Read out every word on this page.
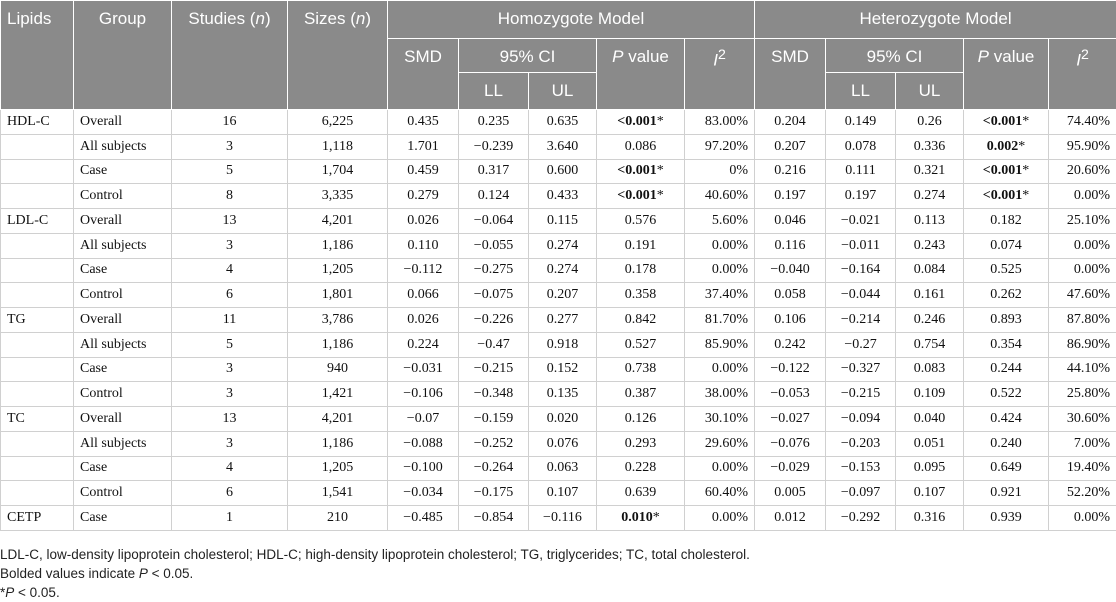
Lipids	Group	Studies (n)	Sizes (n)	Homozygote Model					Heterozygote Model				
				SMD	95% CI		P value	$I^2$	SMD	95% CI		P value	$I^2$
					LL	UL				LL	UL		
HDL-C	Overall	16	6,225	0.435	0.235	0.635	<0.001*	83.00%	0.204	0.149	0.26	<0.001*	74.40%
	All subjects	3	1,118	1.701	−0.239	3.640	0.086	97.20%	0.207	0.078	0.336	0.002*	95.90%
	Case	5	1,704	0.459	0.317	0.600	<0.001*	0%	0.216	0.111	0.321	<0.001*	20.60%
	Control	8	3,335	0.279	0.124	0.433	<0.001*	40.60%	0.197	0.197	0.274	<0.001*	0.00%
LDL-C	Overall	13	4,201	0.026	−0.064	0.115	0.576	5.60%	0.046	−0.021	0.113	0.182	25.10%
	All subjects	3	1,186	0.110	−0.055	0.274	0.191	0.00%	0.116	−0.011	0.243	0.074	0.00%
	Case	4	1,205	−0.112	−0.275	0.274	0.178	0.00%	−0.040	−0.164	0.084	0.525	0.00%
	Control	6	1,801	0.066	−0.075	0.207	0.358	37.40%	0.058	−0.044	0.161	0.262	47.60%
TG	Overall	11	3,786	0.026	−0.226	0.277	0.842	81.70%	0.106	−0.214	0.246	0.893	87.80%
	All subjects	5	1,186	0.224	−0.47	0.918	0.527	85.90%	0.242	−0.27	0.754	0.354	86.90%
	Case	3	940	−0.031	−0.215	0.152	0.738	0.00%	−0.122	−0.327	0.083	0.244	44.10%
	Control	3	1,421	−0.106	−0.348	0.135	0.387	38.00%	−0.053	−0.215	0.109	0.522	25.80%
TC	Overall	13	4,201	−0.07	−0.159	0.020	0.126	30.10%	−0.027	−0.094	0.040	0.424	30.60%
	All subjects	3	1,186	−0.088	−0.252	0.076	0.293	29.60%	−0.076	−0.203	0.051	0.240	7.00%
	Case	4	1,205	−0.100	−0.264	0.063	0.228	0.00%	−0.029	−0.153	0.095	0.649	19.40%
	Control	6	1,541	−0.034	−0.175	0.107	0.639	60.40%	0.005	−0.097	0.107	0.921	52.20%
CETP	Case	1	210	−0.485	−0.854	−0.116	0.010*	0.00%	0.012	−0.292	0.316	0.939	0.00%
LDL-C, low-density lipoprotein cholesterol; HDL-C; high-density lipoprotein cholesterol; TG, triglycerides; TC, total cholesterol.
Bolded values indicate P < 0.05.
*P < 0.05.
